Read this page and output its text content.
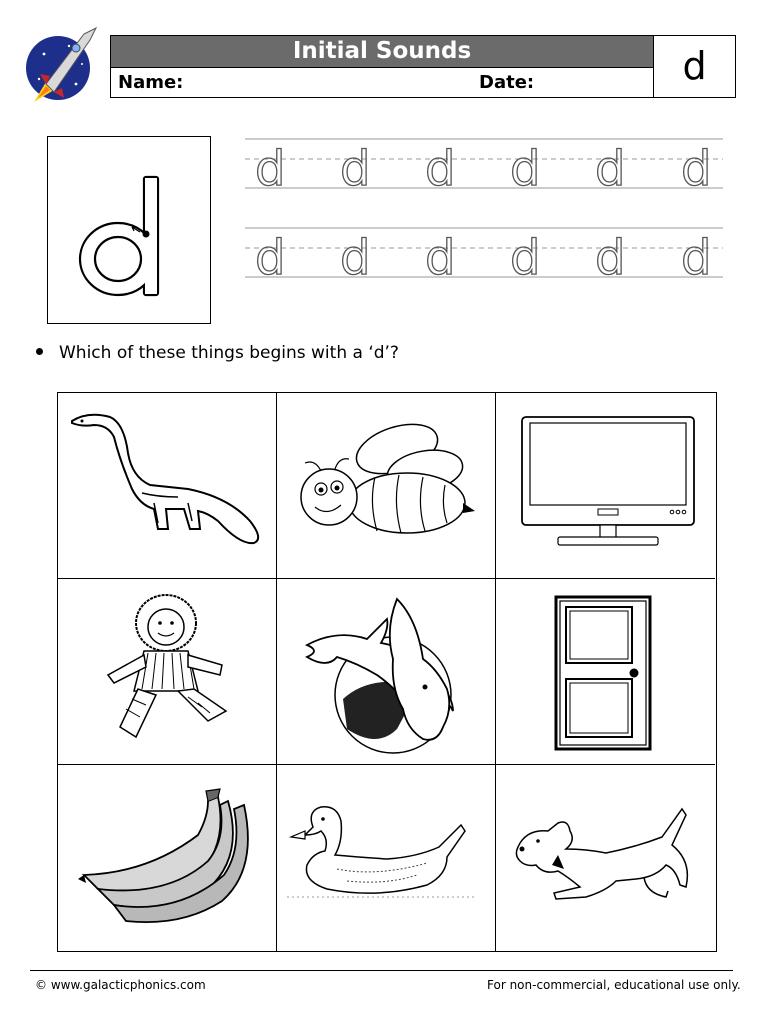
Initial Sounds
Name:	Date:	d
d d d d d d
d d d d d d
Which of these things begins with a ‘d’?
© www.galacticphonics.com	For non-commercial, educational use only.
